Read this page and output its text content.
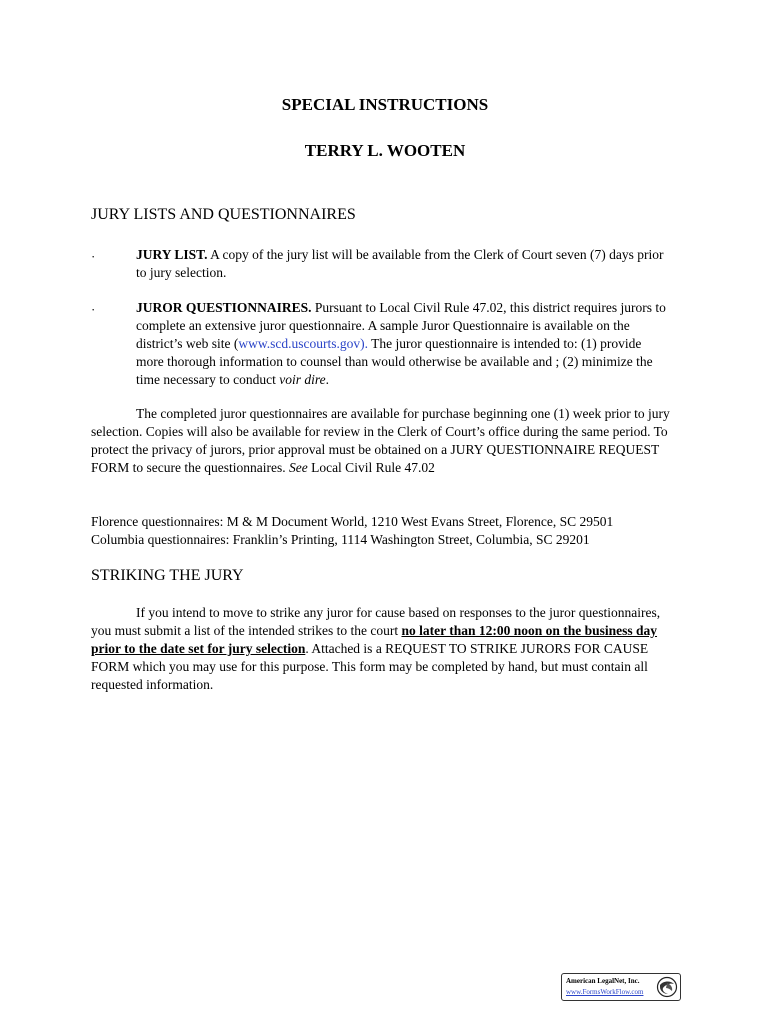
SPECIAL INSTRUCTIONS
TERRY L. WOOTEN
JURY LISTS AND QUESTIONNAIRES
·	JURY LIST. A copy of the jury list will be available from the Clerk of Court seven (7) days prior to jury selection.

·	JUROR QUESTIONNAIRES. Pursuant to Local Civil Rule 47.02, this district requires jurors to complete an extensive juror questionnaire. A sample Juror Questionnaire is available on the district’s web site (www.scd.uscourts.gov). The juror questionnaire is intended to: (1) provide more thorough information to counsel than would otherwise be available and ; (2) minimize the time necessary to conduct voir dire.

The completed juror questionnaires are available for purchase beginning one (1) week prior to jury selection. Copies will also be available for review in the Clerk of Court’s office during the same period. To protect the privacy of jurors, prior approval must be obtained on a JURY QUESTIONNAIRE REQUEST FORM to secure the questionnaires. See Local Civil Rule 47.02

Florence questionnaires: M & M Document World, 1210 West Evans Street, Florence, SC 29501

Columbia questionnaires: Franklin’s Printing, 1114 Washington Street, Columbia, SC 29201

STRIKING THE JURY

If you intend to move to strike any juror for cause based on responses to the juror questionnaires, you must submit a list of the intended strikes to the court no later than 12:00 noon on the business day prior to the date set for jury selection. Attached is a REQUEST TO STRIKE JURORS FOR CAUSE FORM which you may use for this purpose. This form may be completed by hand, but must contain all requested information.

American LegalNet, Inc.
www.FormsWorkFlow.com
